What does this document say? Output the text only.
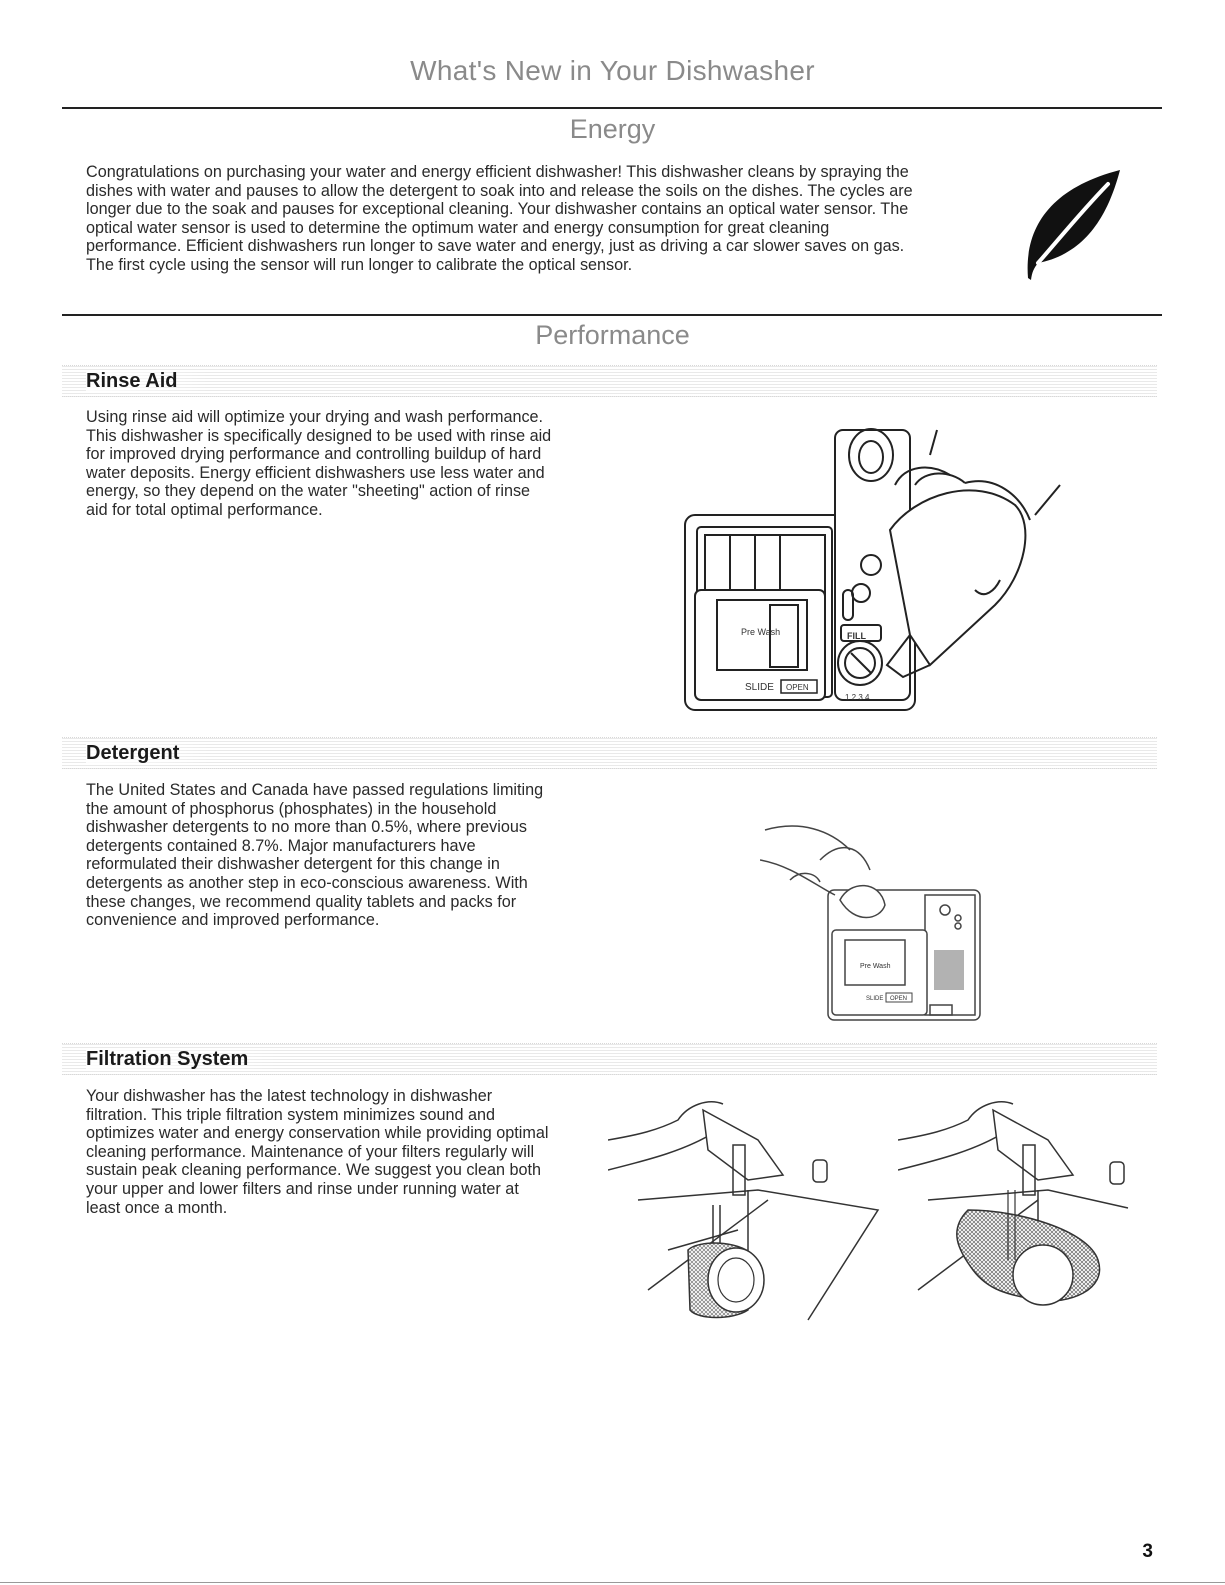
What's New in Your Dishwasher
Energy
Congratulations on purchasing your water and energy efficient dishwasher! This dishwasher cleans by spraying the
dishes with water and pauses to allow the detergent to soak into and release the soils on the dishes. The cycles are
longer due to the soak and pauses for exceptional cleaning. Your dishwasher contains an optical water sensor. The
optical water sensor is used to determine the optimum water and energy consumption for great cleaning
performance. Efficient dishwashers run longer to save water and energy, just as driving a car slower saves on gas.
The first cycle using the sensor will run longer to calibrate the optical sensor.
Performance
Rinse Aid
Using rinse aid will optimize your drying and wash performance.
This dishwasher is specifically designed to be used with rinse aid
for improved drying performance and controlling buildup of hard
water deposits. Energy efficient dishwashers use less water and
energy, so they depend on the water "sheeting" action of rinse
aid for total optimal performance.
Pre Wash
SLIDE OPEN
FILL
1 2 3 4
Detergent
The United States and Canada have passed regulations limiting
the amount of phosphorus (phosphates) in the household
dishwasher detergents to no more than 0.5%, where previous
detergents contained 8.7%. Major manufacturers have
reformulated their dishwasher detergent for this change in
detergents as another step in eco-conscious awareness. With
these changes, we recommend quality tablets and packs for
convenience and improved performance.
Pre Wash
SLIDE OPEN
Filtration System
Your dishwasher has the latest technology in dishwasher
filtration. This triple filtration system minimizes sound and
optimizes water and energy conservation while providing optimal
cleaning performance. Maintenance of your filters regularly will
sustain peak cleaning performance. We suggest you clean both
your upper and lower filters and rinse under running water at
least once a month.
3
